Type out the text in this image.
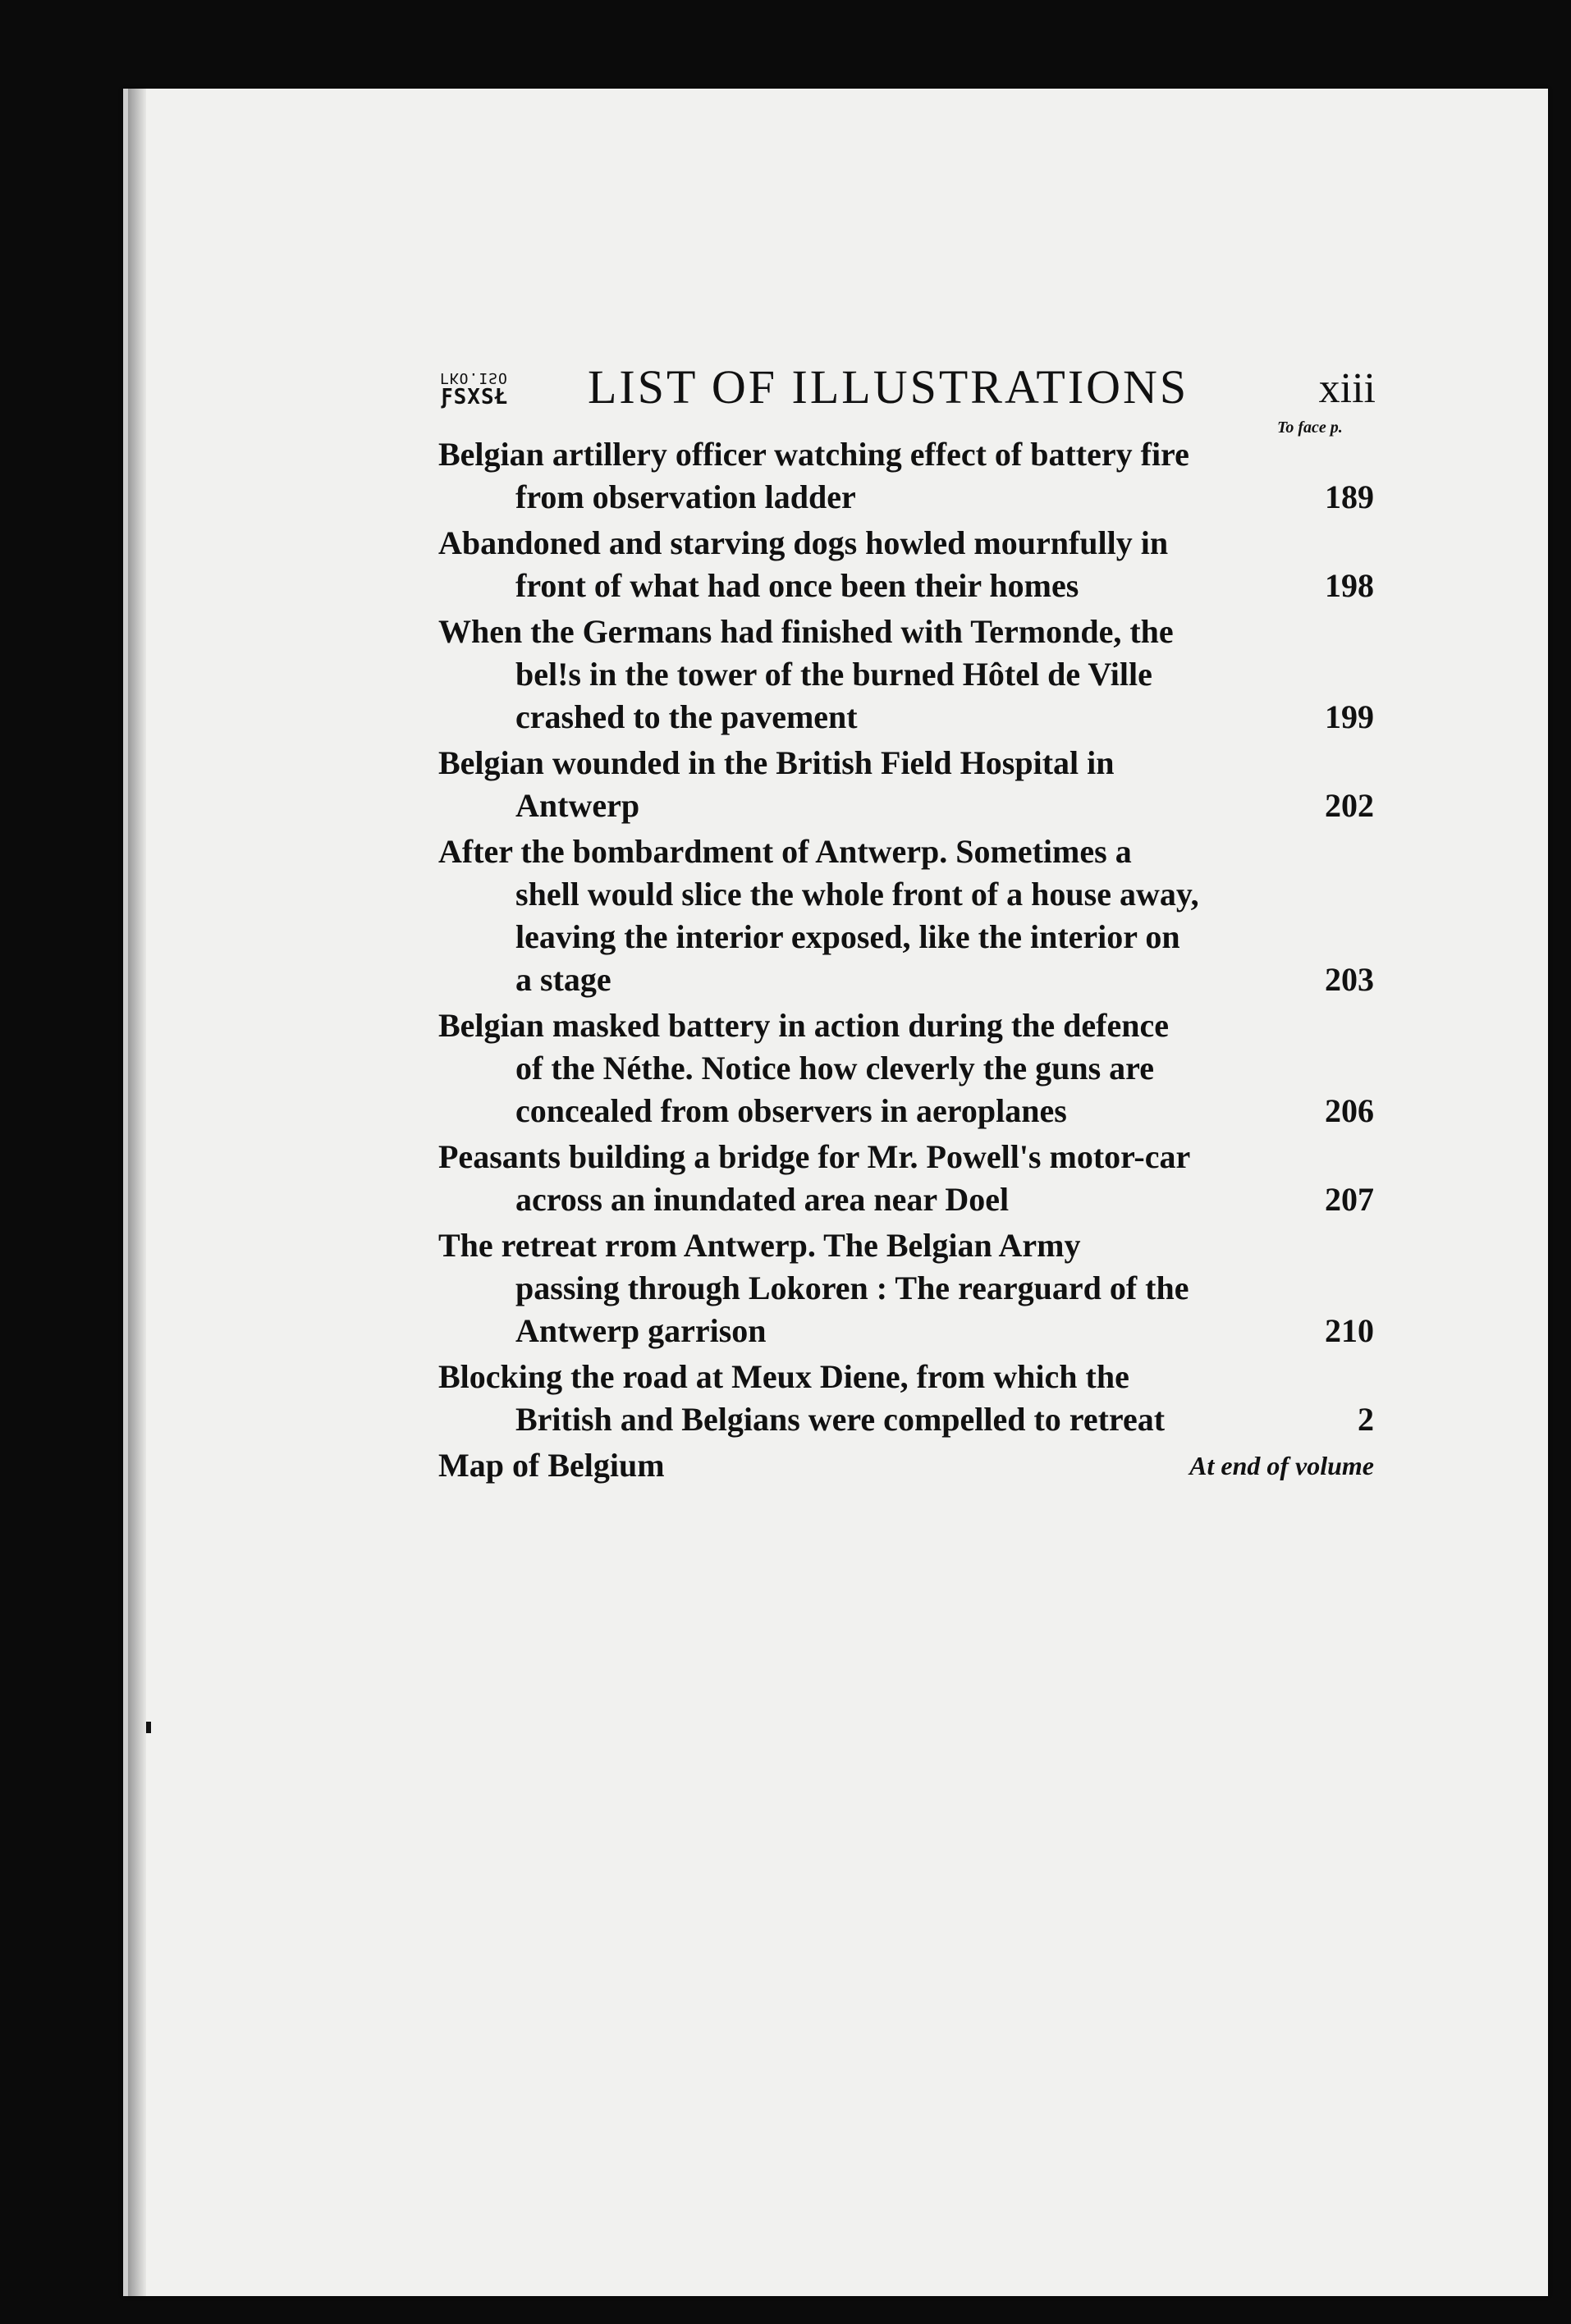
ΓΚΟ.ISO
ƑSXSŁ	LIST OF ILLUSTRATIONS	xiii
To face p.
Belgian artillery officer watching effect of battery fire
from observation ladder	189
Abandoned and starving dogs howled mournfully in
front of what had once been their homes	198
When the Germans had finished with Termonde, the
bel!s in the tower of the burned Hôtel de Ville
crashed to the pavement	199
Belgian wounded in the British Field Hospital in
Antwerp	202
After the bombardment of Antwerp. Sometimes a
shell would slice the whole front of a house away,
leaving the interior exposed, like the interior on
a stage	203
Belgian masked battery in action during the defence
of the Néthe. Notice how cleverly the guns are
concealed from observers in aeroplanes	206
Peasants building a bridge for Mr. Powell's motor-car
across an inundated area near Doel	207
The retreat rrom Antwerp. The Belgian Army
passing through Lokoren : The rearguard of the
Antwerp garrison	210
Blocking the road at Meux Diene, from which the
British and Belgians were compelled to retreat	2
Map of Belgium	At end of volume
